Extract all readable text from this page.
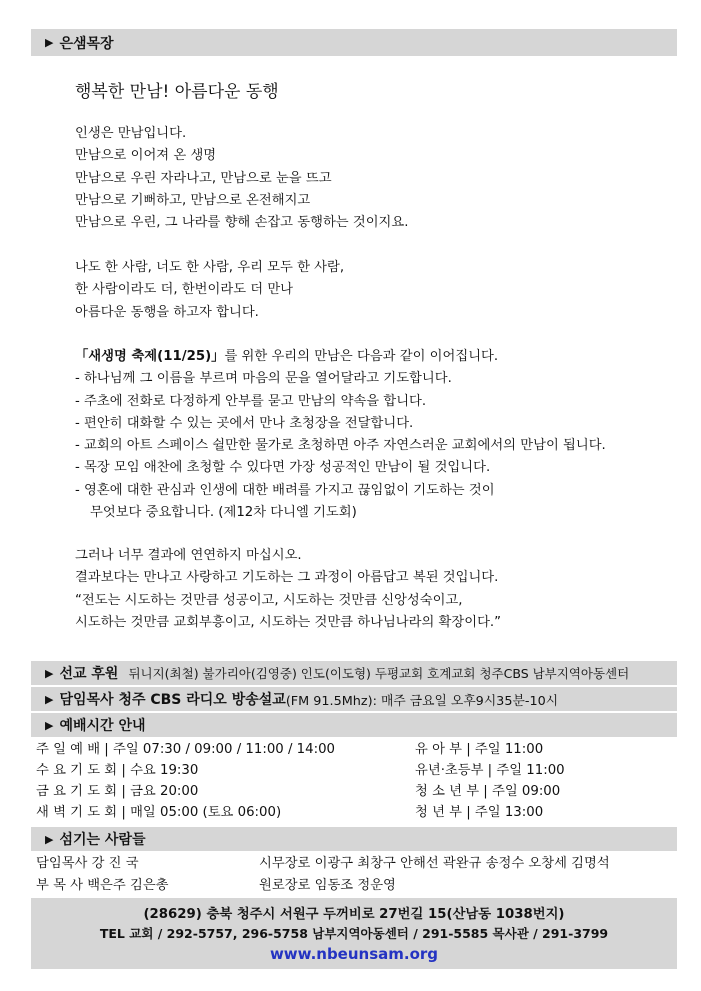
▶ 은샘목장
행복한 만남! 아름다운 동행
인생은 만남입니다.
만남으로 이어져 온 생명
만남으로 우린 자라나고, 만남으로 눈을 뜨고
만남으로 기뻐하고, 만남으로 온전해지고
만남으로 우린, 그 나라를 향해 손잡고 동행하는 것이지요.
나도 한 사람, 너도 한 사람, 우리 모두 한 사람,
한 사람이라도 더, 한번이라도 더 만나
아름다운 동행을 하고자 합니다.
「새생명 축제(11/25)」를 위한 우리의 만남은 다음과 같이 이어집니다.
- 하나님께 그 이름을 부르며 마음의 문을 열어달라고 기도합니다.
- 주초에 전화로 다정하게 안부를 묻고 만남의 약속을 합니다.
- 편안히 대화할 수 있는 곳에서 만나 초청장을 전달합니다.
- 교회의 아트 스페이스 쉴만한 물가로 초청하면 아주 자연스러운 교회에서의 만남이 됩니다.
- 목장 모임 애찬에 초청할 수 있다면 가장 성공적인 만남이 될 것입니다.
- 영혼에 대한 관심과 인생에 대한 배려를 가지고 끊임없이 기도하는 것이
무엇보다 중요합니다. (제12차 다니엘 기도회)
그러나 너무 결과에 연연하지 마십시오.
결과보다는 만나고 사랑하고 기도하는 그 과정이 아름답고 복된 것입니다.
“전도는 시도하는 것만큼 성공이고, 시도하는 것만큼 신앙성숙이고,
시도하는 것만큼 교회부흥이고, 시도하는 것만큼 하나님나라의 확장이다.”
▶ 선교 후원 뒤니지(최철) 불가리아(김영중) 인도(이도형) 두평교회 호계교회 청주CBS 남부지역아동센터
▶ 담임목사 청주 CBS 라디오 방송설교 (FM 91.5Mhz): 매주 금요일 오후9시35분-10시
▶ 예배시간 안내
주 일 예 배 | 주일 07:30 / 09:00 / 11:00 / 14:00
수 요 기 도 회 | 수요 19:30
금 요 기 도 회 | 금요 20:00
새 벽 기 도 회 | 매일 05:00 (토요 06:00)
유 아 부 | 주일 11:00
유년·초등부 | 주일 11:00
청 소 년 부 | 주일 09:00
청 년 부 | 주일 13:00
▶ 섬기는 사람들
담임목사 강 진 국
부 목 사 백은주 김은총
시무장로 이광구 최창구 안해선 곽완규 송정수 오창세 김명석
원로장로 임동조 정운영
(28629) 충북 청주시 서원구 두꺼비로 27번길 15(산남동 1038번지)
TEL 교회 / 292-5757, 296-5758 남부지역아동센터 / 291-5585 목사관 / 291-3799
www.nbeunsam.org
